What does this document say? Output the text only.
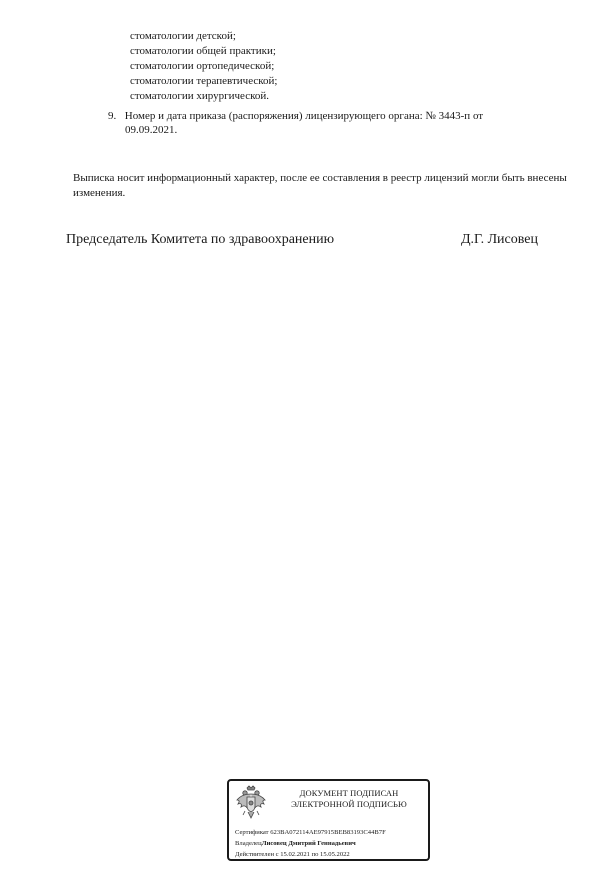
стоматологии детской;
стоматологии общей практики;
стоматологии ортопедической;
стоматологии терапевтической;
стоматологии хирургической.
9. Номер и дата приказа (распоряжения) лицензирующего органа: № 3443-п от
09.09.2021.
Выписка носит информационный характер, после ее составления в реестр лицензий могли быть внесены изменения.
Председатель Комитета по здравоохранению	Д.Г. Лисовец
ДОКУМЕНТ ПОДПИСАН
ЭЛЕКТРОННОЙ ПОДПИСЬЮ
Сертификат 623BA072114AE97915BEB83193C44B7F
ВладелецЛисовец Дмитрий Геннадьевич
Действителен с 15.02.2021 по 15.05.2022
